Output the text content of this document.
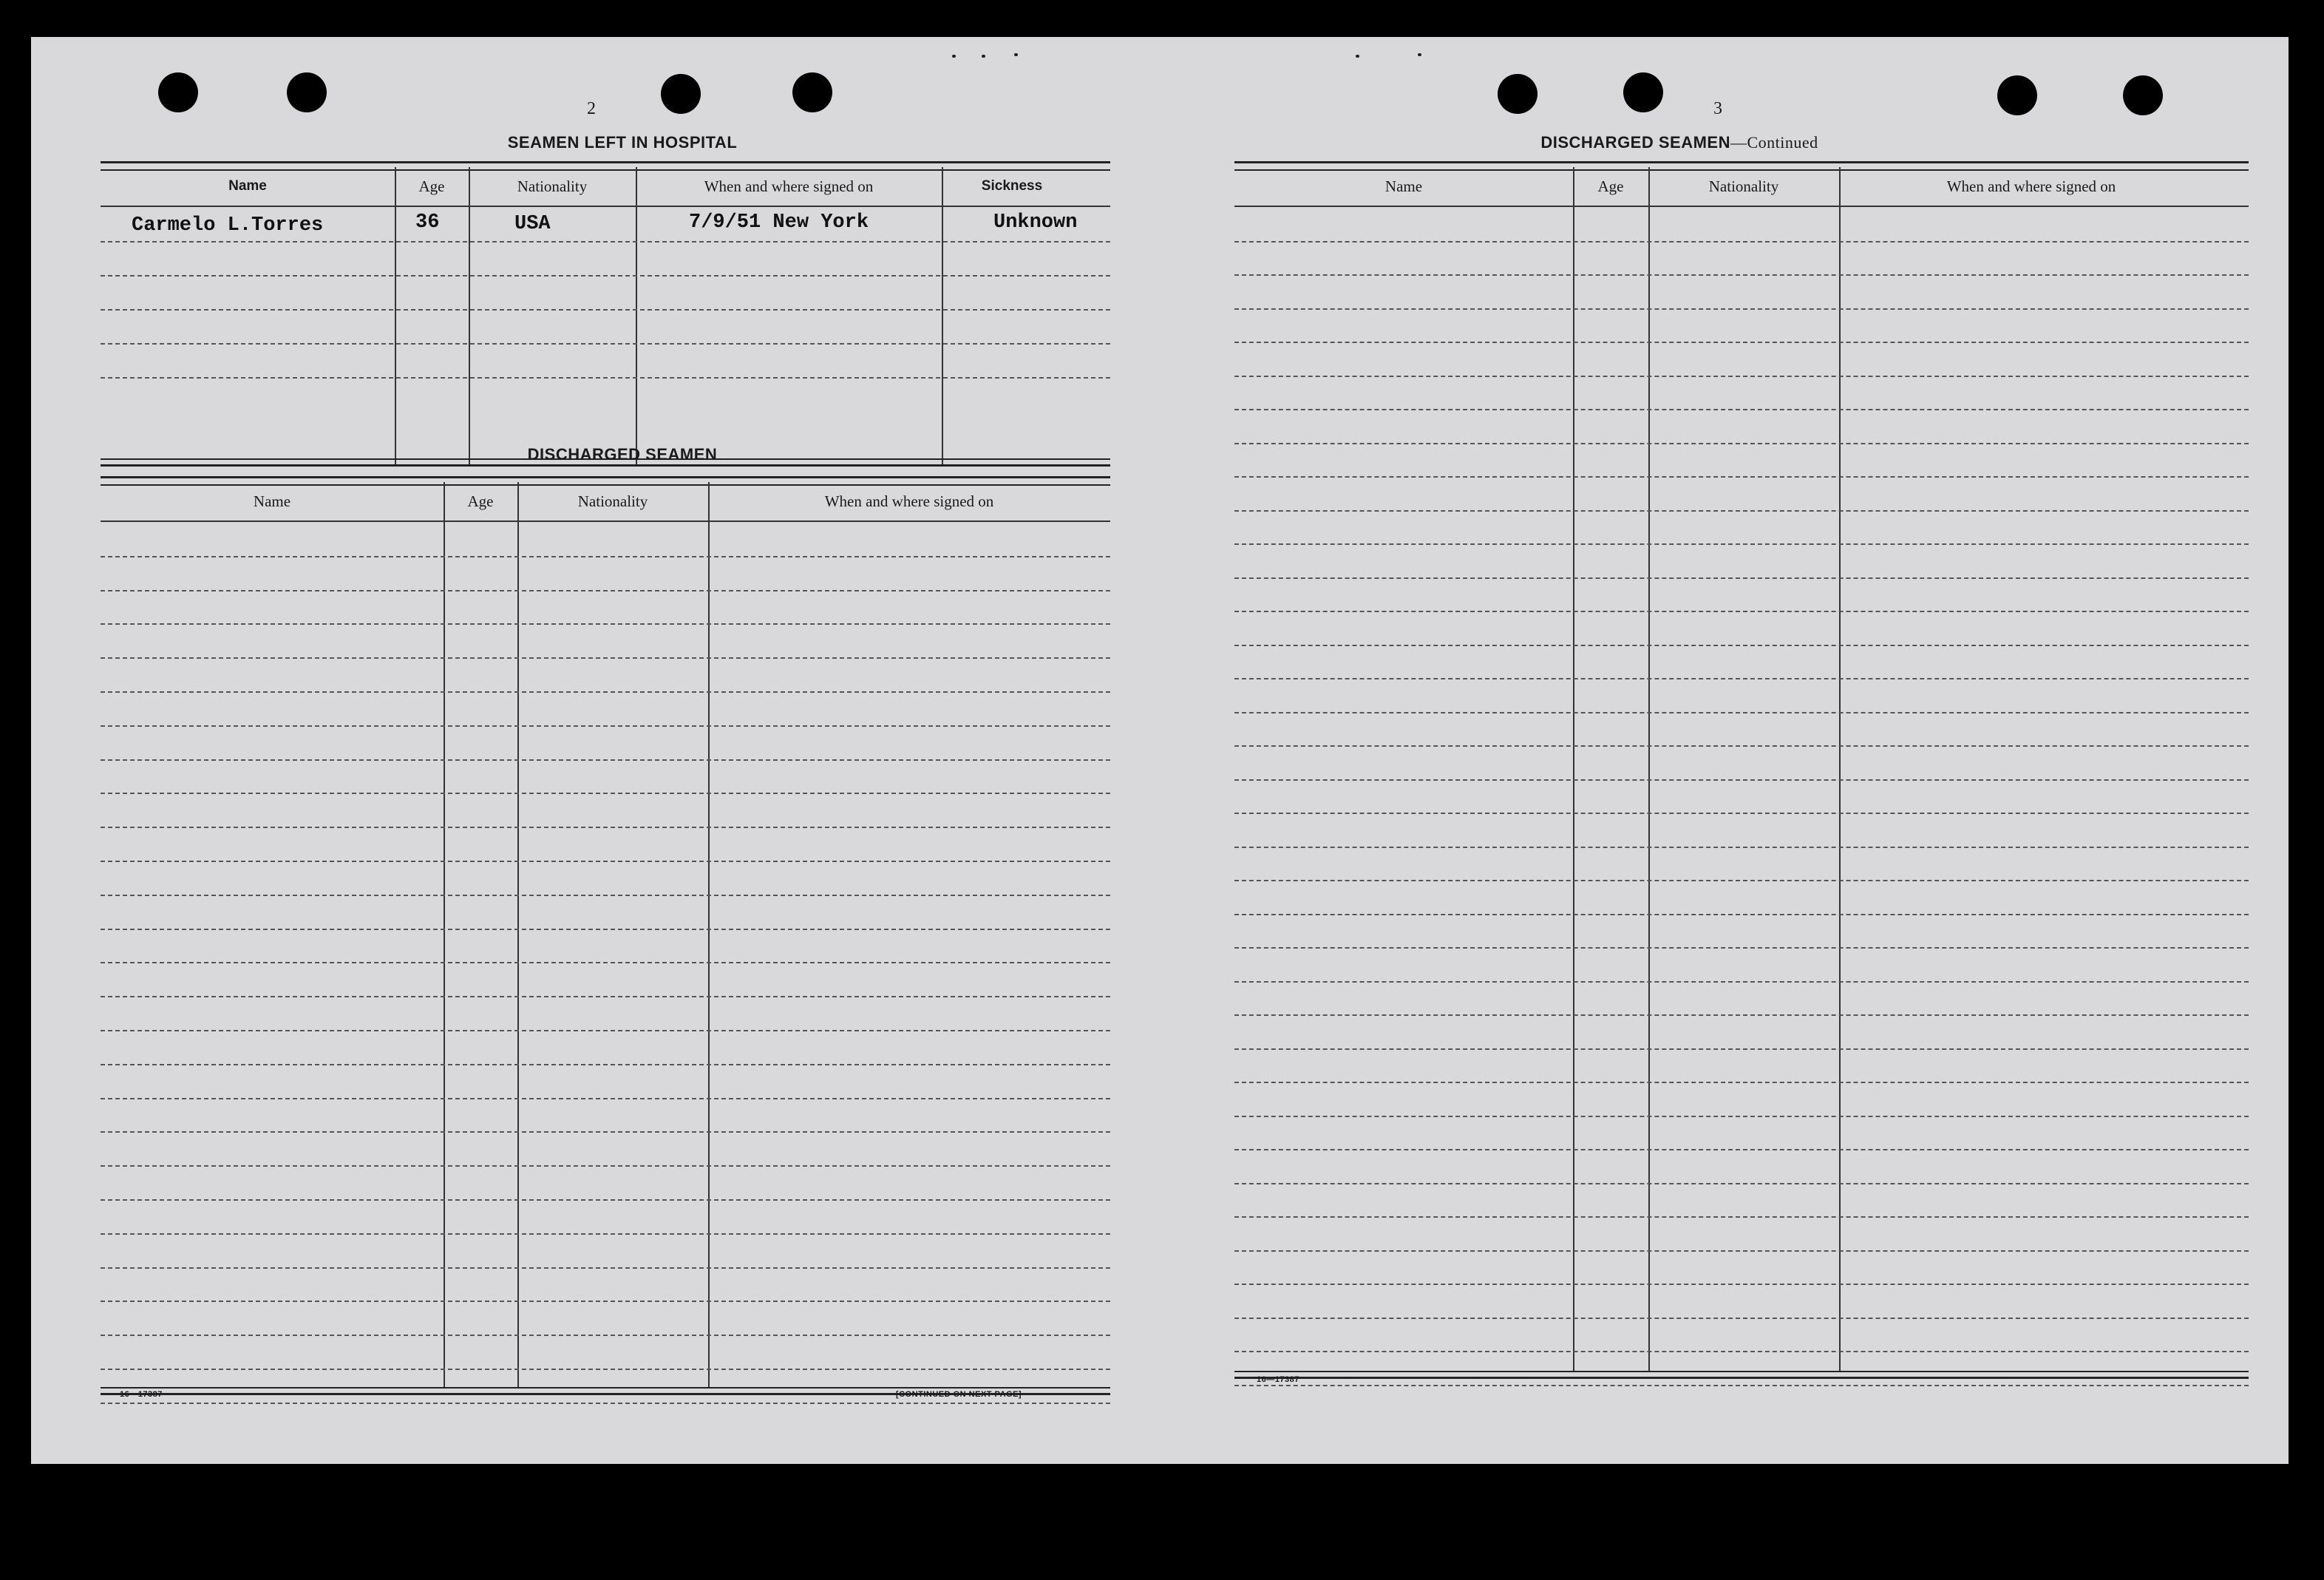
2
SEAMEN LEFT IN HOSPITAL
Name	Age	Nationality	When and where signed on	Sickness
Carmelo L.Torres	36	USA	7/9/51 New York	Unknown
DISCHARGED SEAMEN
Name	Age	Nationality	When and where signed on
16—17387	[CONTINUED ON NEXT PAGE]
3
DISCHARGED SEAMEN—Continued
Name	Age	Nationality	When and where signed on
16—17387
